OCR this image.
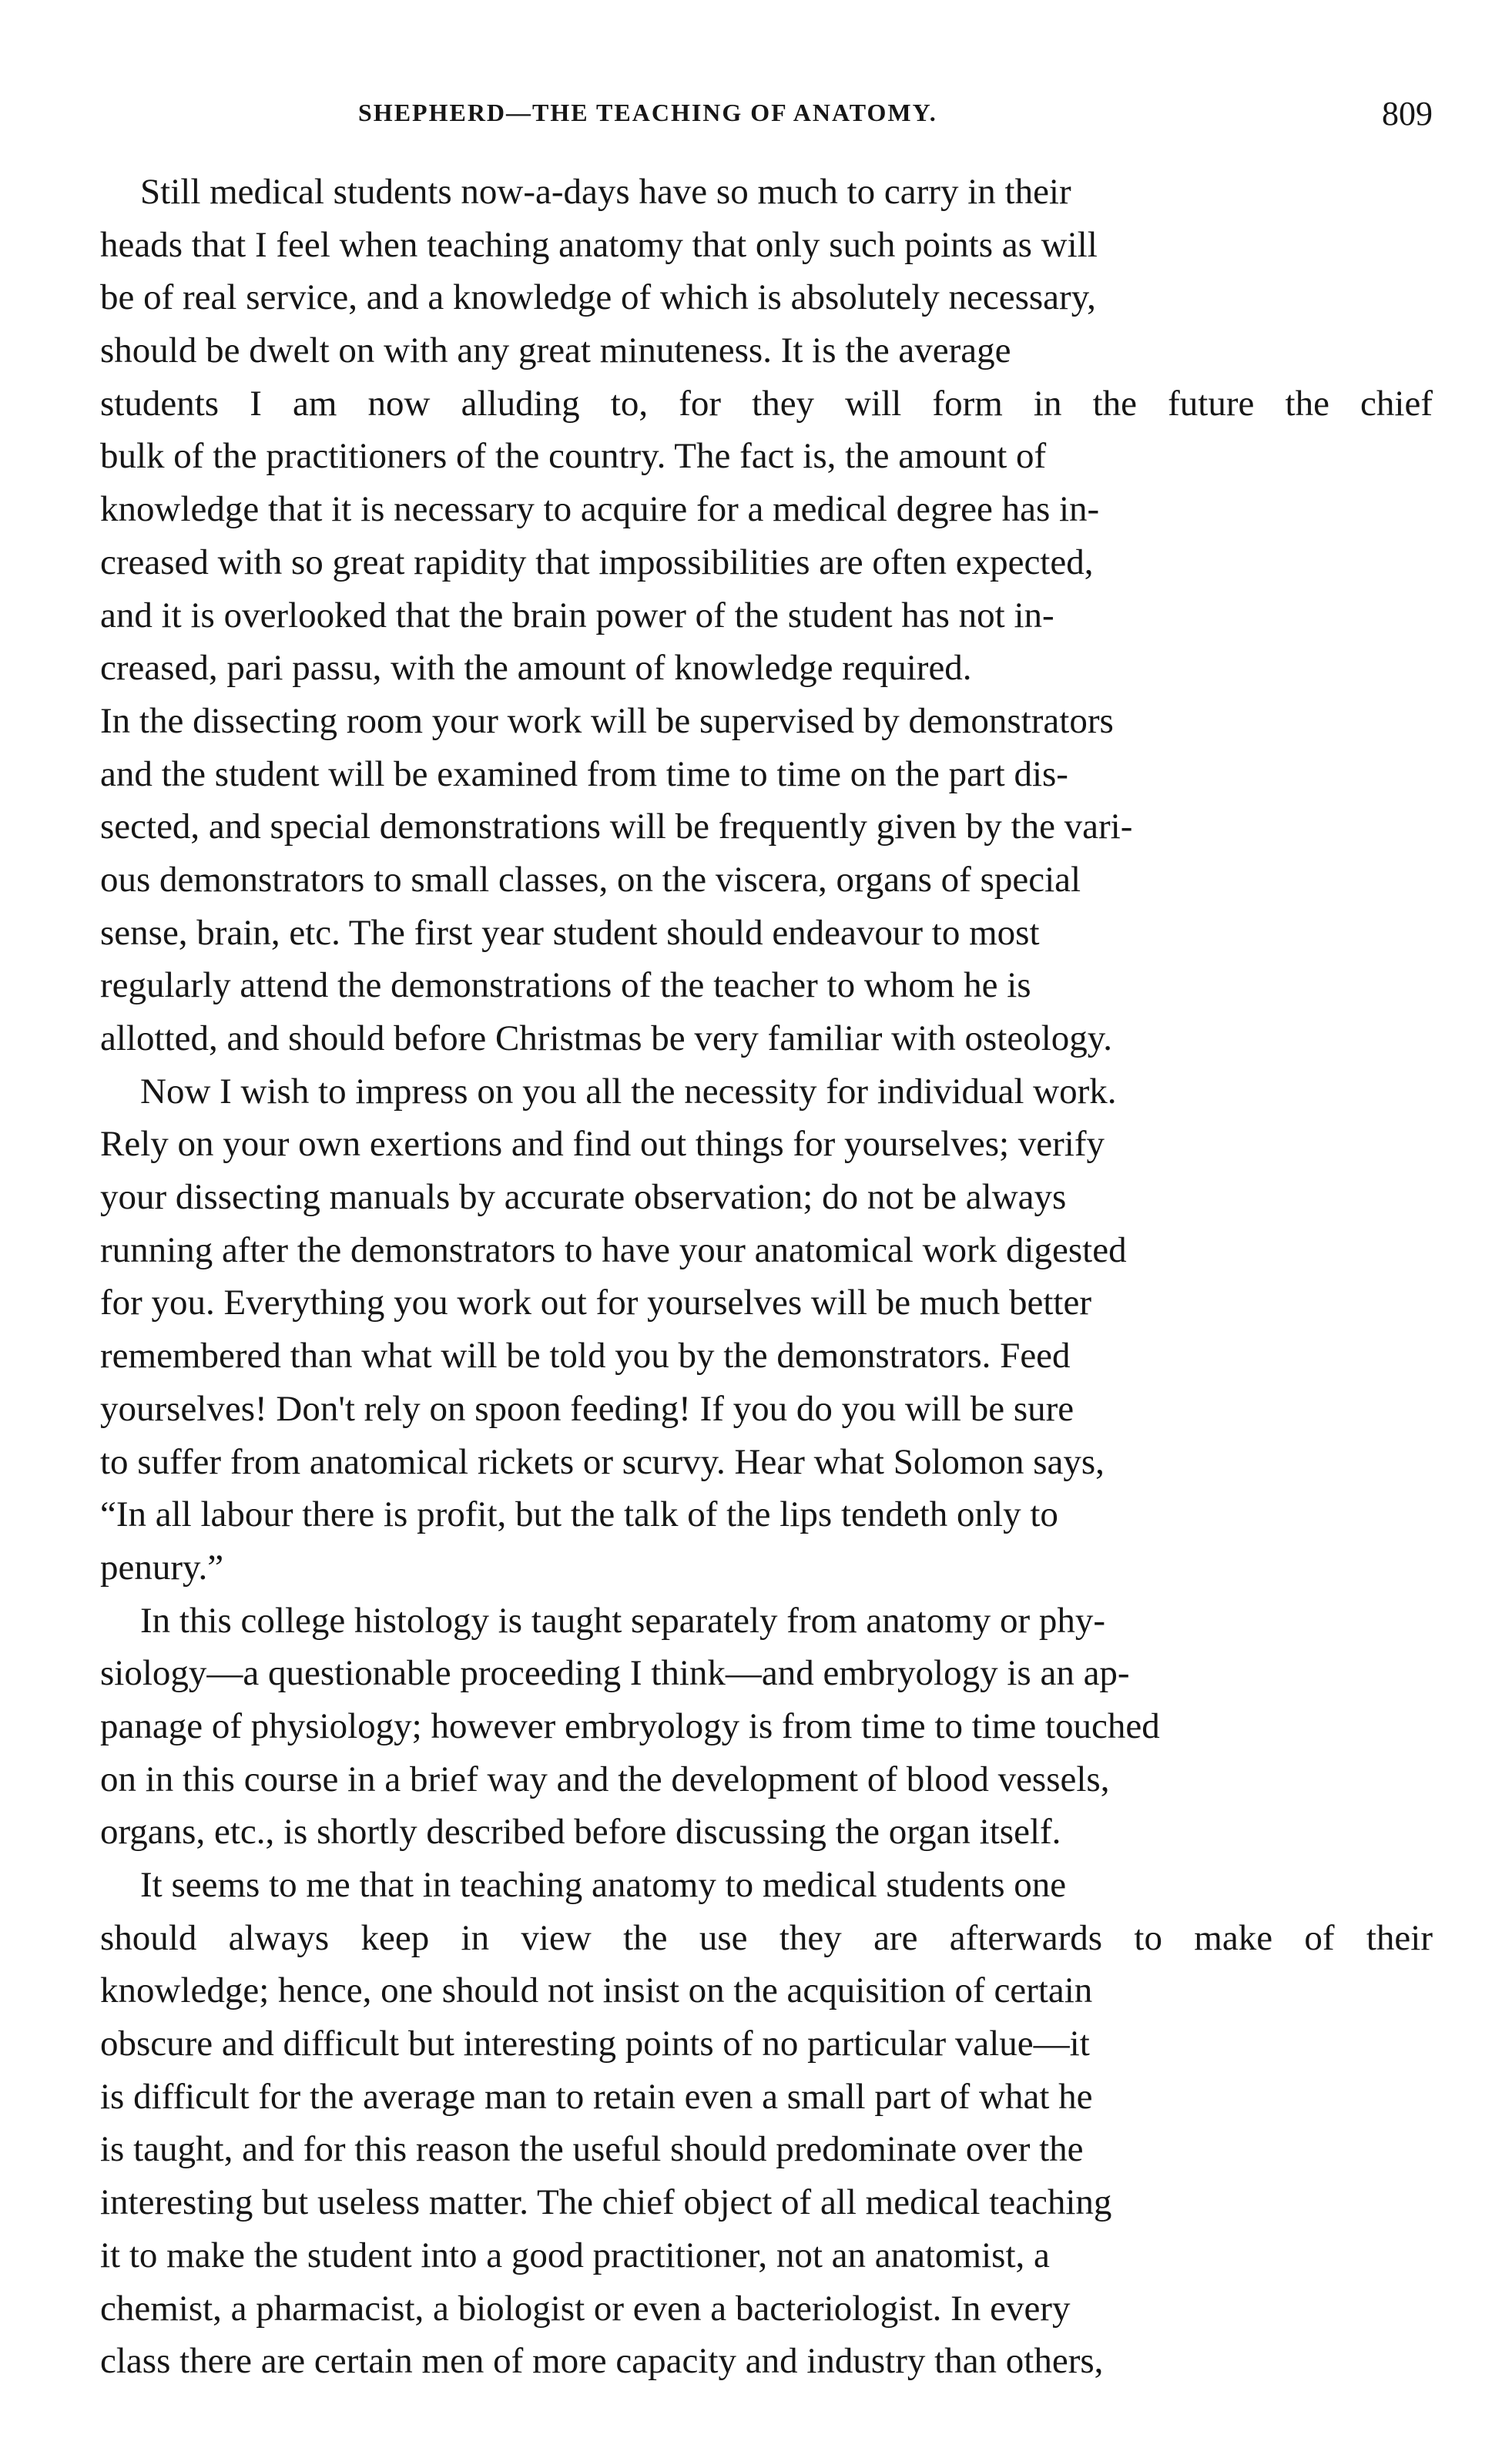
SHEPHERD—THE TEACHING OF ANATOMY.	809
Still medical students now-a-days have so much to carry in their
heads that I feel when teaching anatomy that only such points as will
be of real service, and a knowledge of which is absolutely necessary,
should be dwelt on with any great minuteness. It is the average
students I am now alluding to, for they will form in the future the chief
bulk of the practitioners of the country. The fact is, the amount of
knowledge that it is necessary to acquire for a medical degree has in-
creased with so great rapidity that impossibilities are often expected,
and it is overlooked that the brain power of the student has not in-
creased, pari passu, with the amount of knowledge required.
In the dissecting room your work will be supervised by demonstrators
and the student will be examined from time to time on the part dis-
sected, and special demonstrations will be frequently given by the vari-
ous demonstrators to small classes, on the viscera, organs of special
sense, brain, etc. The first year student should endeavour to most
regularly attend the demonstrations of the teacher to whom he is
allotted, and should before Christmas be very familiar with osteology.
Now I wish to impress on you all the necessity for individual work.
Rely on your own exertions and find out things for yourselves; verify
your dissecting manuals by accurate observation; do not be always
running after the demonstrators to have your anatomical work digested
for you. Everything you work out for yourselves will be much better
remembered than what will be told you by the demonstrators. Feed
yourselves! Don't rely on spoon feeding! If you do you will be sure
to suffer from anatomical rickets or scurvy. Hear what Solomon says,
“In all labour there is profit, but the talk of the lips tendeth only to
penury.”
In this college histology is taught separately from anatomy or phy-
siology—a questionable proceeding I think—and embryology is an ap-
panage of physiology; however embryology is from time to time touched
on in this course in a brief way and the development of blood vessels,
organs, etc., is shortly described before discussing the organ itself.
It seems to me that in teaching anatomy to medical students one
should always keep in view the use they are afterwards to make of their
knowledge; hence, one should not insist on the acquisition of certain
obscure and difficult but interesting points of no particular value—it
is difficult for the average man to retain even a small part of what he
is taught, and for this reason the useful should predominate over the
interesting but useless matter. The chief object of all medical teaching
it to make the student into a good practitioner, not an anatomist, a
chemist, a pharmacist, a biologist or even a bacteriologist. In every
class there are certain men of more capacity and industry than others,
